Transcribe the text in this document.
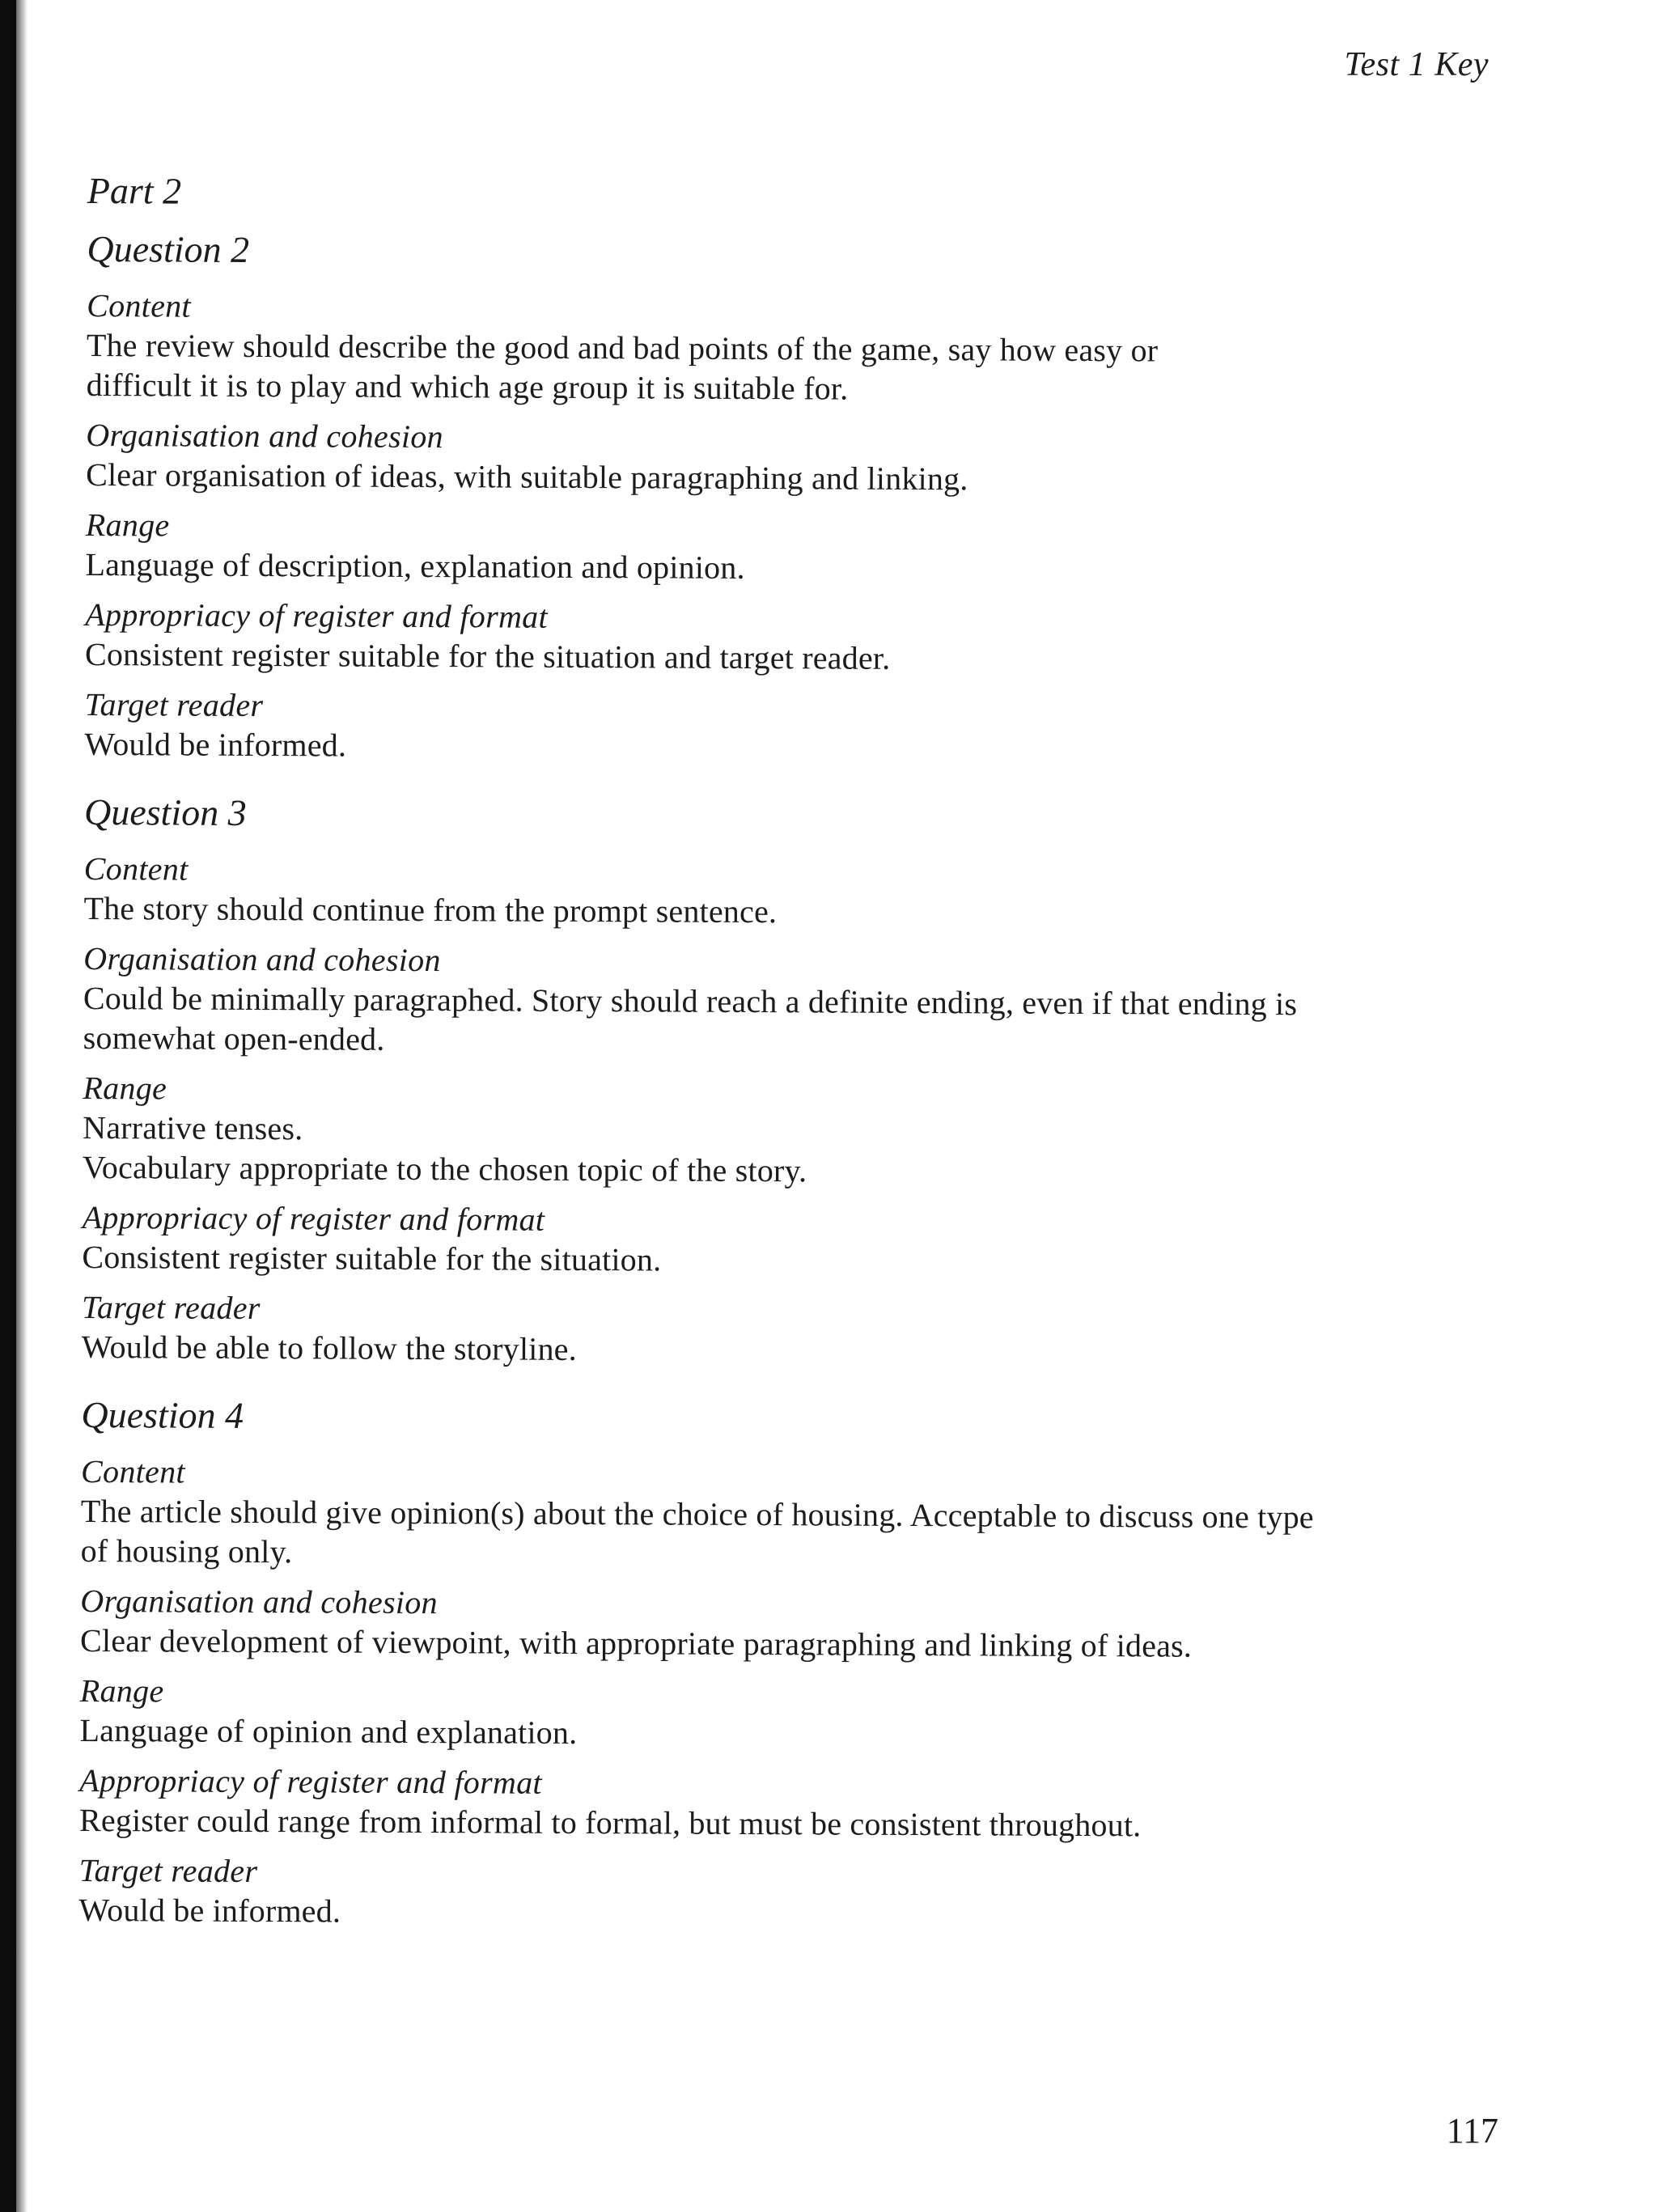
Test 1 Key
Part 2
Question 2
Content
The review should describe the good and bad points of the game, say how easy or
difficult it is to play and which age group it is suitable for.
Organisation and cohesion
Clear organisation of ideas, with suitable paragraphing and linking.
Range
Language of description, explanation and opinion.
Appropriacy of register and format
Consistent register suitable for the situation and target reader.
Target reader
Would be informed.
Question 3
Content
The story should continue from the prompt sentence.
Organisation and cohesion
Could be minimally paragraphed. Story should reach a definite ending, even if that ending is
somewhat open-ended.
Range
Narrative tenses.
Vocabulary appropriate to the chosen topic of the story.
Appropriacy of register and format
Consistent register suitable for the situation.
Target reader
Would be able to follow the storyline.
Question 4
Content
The article should give opinion(s) about the choice of housing. Acceptable to discuss one type
of housing only.
Organisation and cohesion
Clear development of viewpoint, with appropriate paragraphing and linking of ideas.
Range
Language of opinion and explanation.
Appropriacy of register and format
Register could range from informal to formal, but must be consistent throughout.
Target reader
Would be informed.
117
